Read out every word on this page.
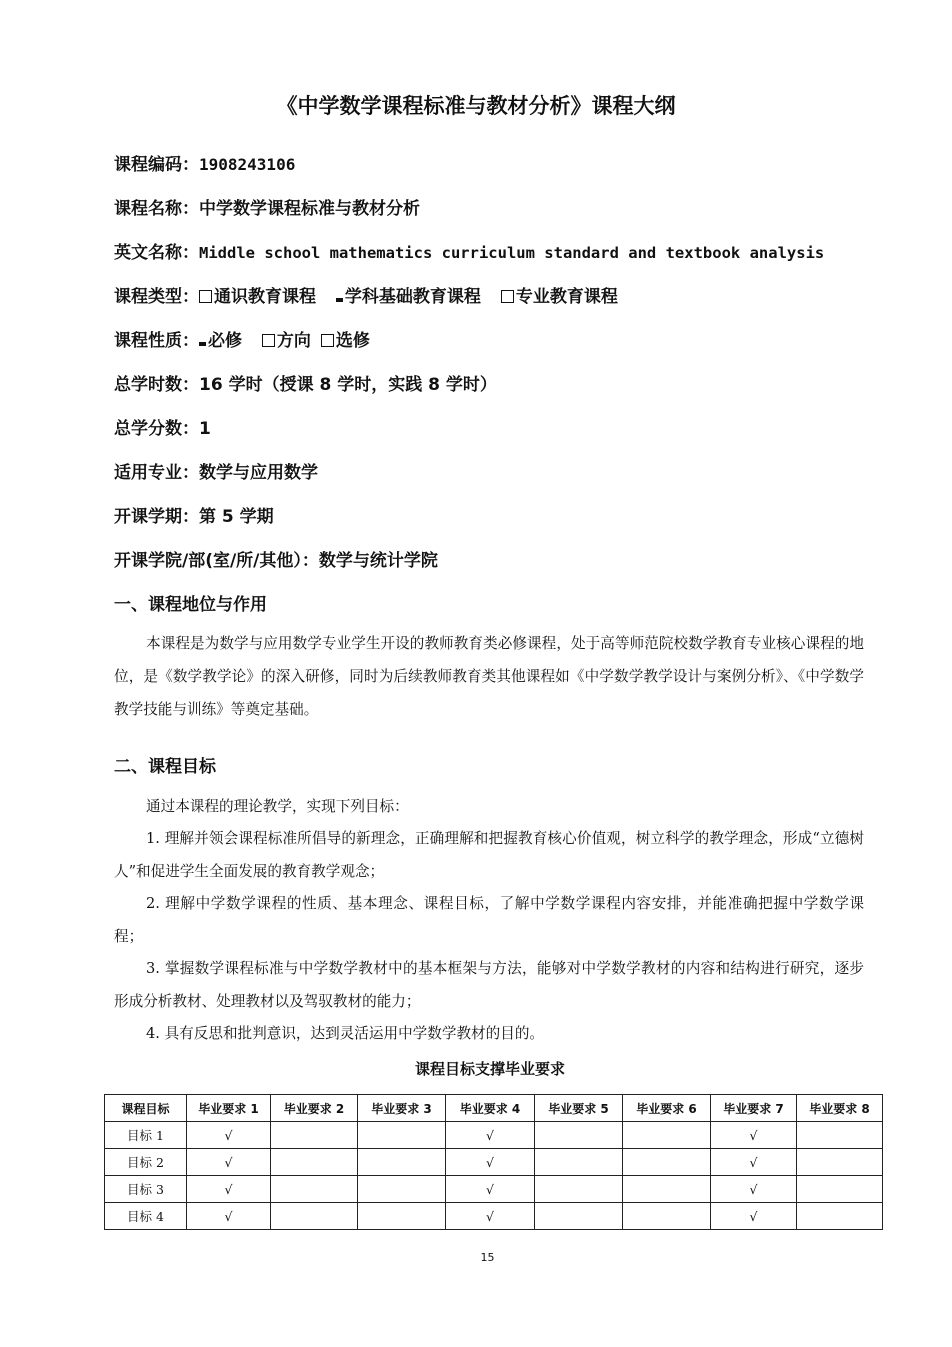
《中学数学课程标准与教材分析》课程大纲
课程编码：1908243106
课程名称：中学数学课程标准与教材分析
英文名称：Middle school mathematics curriculum standard and textbook analysis
课程类型： 通识教育课程 学科基础教育课程 专业教育课程
课程性质： 必修 方向 选修
总学时数：16 学时（授课 8 学时，实践 8 学时）
总学分数：1
适用专业：数学与应用数学
开课学期：第 5 学期
开课学院/部(室/所/其他）：数学与统计学院
一、课程地位与作用
本课程是为数学与应用数学专业学生开设的教师教育类必修课程，处于高等师范院校数学教育专业核心课程的地位，是《数学教学论》的深入研修，同时为后续教师教育类其他课程如《中学数学教学设计与案例分析》、《中学数学教学技能与训练》等奠定基础。
二、课程目标
通过本课程的理论教学，实现下列目标：
1. 理解并领会课程标准所倡导的新理念，正确理解和把握教育核心价值观，树立科学的教学理念，形成“立德树人”和促进学生全面发展的教育教学观念；
2. 理解中学数学课程的性质、基本理念、课程目标，了解中学数学课程内容安排，并能准确把握中学数学课程；
3. 掌握数学课程标准与中学数学教材中的基本框架与方法，能够对中学数学教材的内容和结构进行研究，逐步形成分析教材、处理教材以及驾驭教材的能力；
4. 具有反思和批判意识，达到灵活运用中学数学教材的目的。
课程目标支撑毕业要求
课程目标	毕业要求 1	毕业要求 2	毕业要求 3	毕业要求 4	毕业要求 5	毕业要求 6	毕业要求 7	毕业要求 8
目标 1	√			√			√	
目标 2	√			√			√	
目标 3	√			√			√	
目标 4	√			√			√	
15
